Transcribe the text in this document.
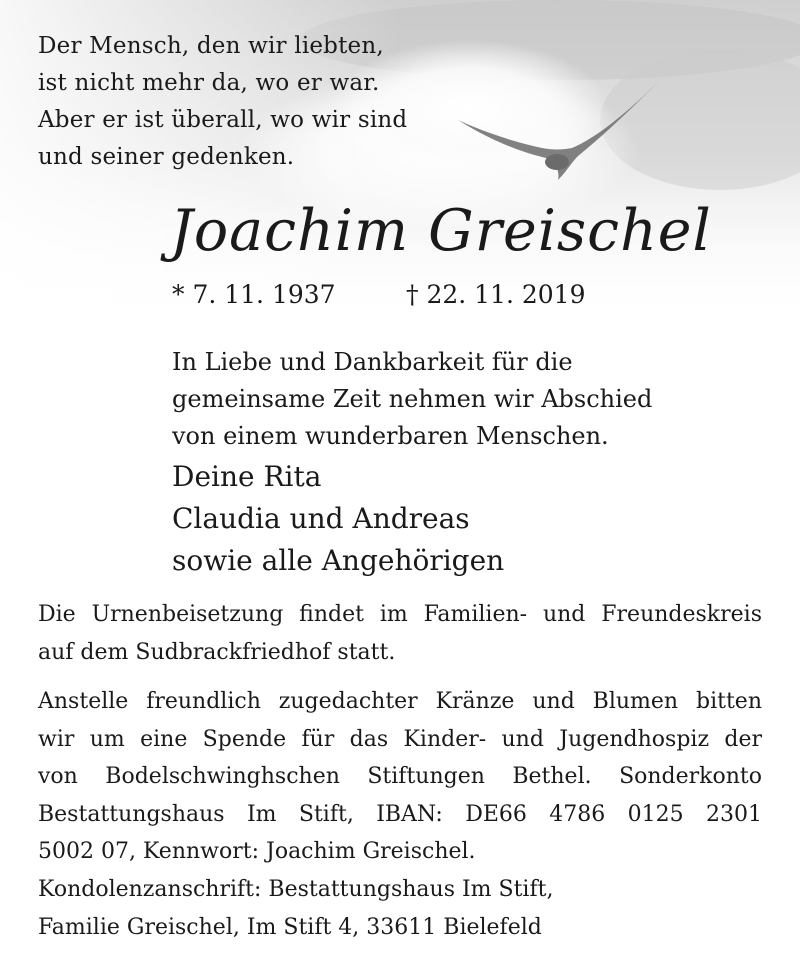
Der Mensch, den wir liebten,
ist nicht mehr da, wo er war.
Aber er ist überall, wo wir sind
und seiner gedenken.
Joachim Greischel
* 7. 11. 1937	† 22. 11. 2019
In Liebe und Dankbarkeit für die
gemeinsame Zeit nehmen wir Abschied
von einem wunderbaren Menschen.
Deine Rita
Claudia und Andreas
sowie alle Angehörigen
Die Urnenbeisetzung findet im Familien- und Freundeskreis
auf dem Sudbrackfriedhof statt.
Anstelle freundlich zugedachter Kränze und Blumen bitten
wir um eine Spende für das Kinder- und Jugendhospiz der
von Bodelschwinghschen Stiftungen Bethel. Sonderkonto
Bestattungshaus Im Stift, IBAN: DE66 4786 0125 2301
5002 07, Kennwort: Joachim Greischel.
Kondolenzanschrift: Bestattungshaus Im Stift,
Familie Greischel, Im Stift 4, 33611 Bielefeld
